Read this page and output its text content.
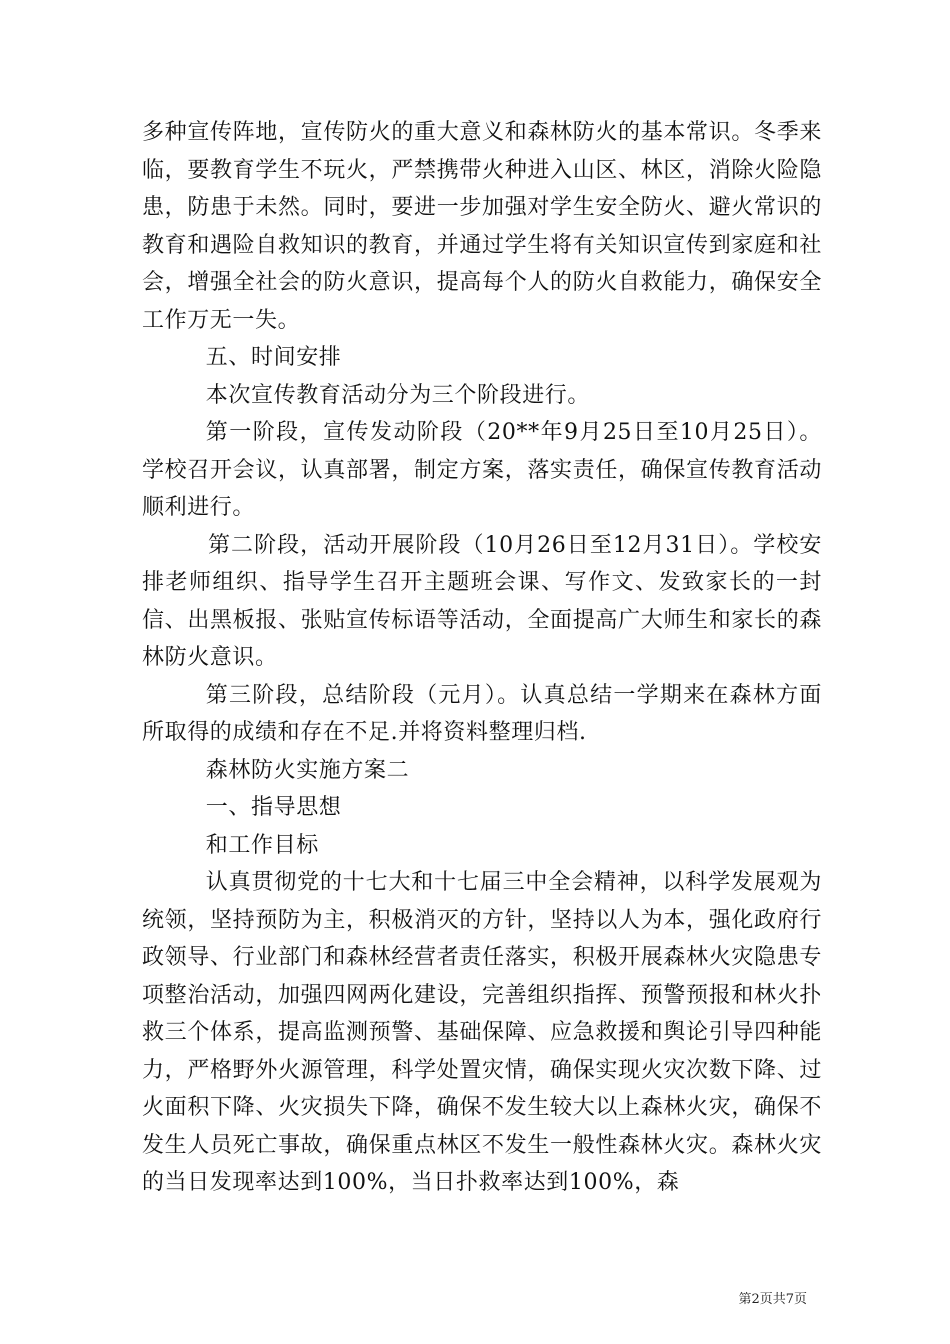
多种宣传阵地，宣传防火的重大意义和森林防火的基本常识。冬季来临，要教育学生不玩火，严禁携带火种进入山区、林区，消除火险隐患，防患于未然。同时，要进一步加强对学生安全防火、避火常识的教育和遇险自救知识的教育，并通过学生将有关知识宣传到家庭和社会，增强全社会的防火意识，提高每个人的防火自救能力，确保安全工作万无一失。

五、时间安排

本次宣传教育活动分为三个阶段进行。

第一阶段，宣传发动阶段（20**年9月25日至10月25日）。学校召开会议，认真部署，制定方案，落实责任，确保宣传教育活动顺利进行。

第二阶段，活动开展阶段（10月26日至12月31日）。学校安排老师组织、指导学生召开主题班会课、写作文、发致家长的一封信、出黑板报、张贴宣传标语等活动，全面提高广大师生和家长的森林防火意识。

第三阶段，总结阶段（元月）。认真总结一学期来在森林方面所取得的成绩和存在不足.并将资料整理归档.

森林防火实施方案二

一、指导思想

和工作目标

认真贯彻党的十七大和十七届三中全会精神，以科学发展观为统领，坚持预防为主，积极消灭的方针，坚持以人为本，强化政府行政领导、行业部门和森林经营者责任落实，积极开展森林火灾隐患专项整治活动，加强四网两化建设，完善组织指挥、预警预报和林火扑救三个体系，提高监测预警、基础保障、应急救援和舆论引导四种能力，严格野外火源管理，科学处置灾情，确保实现火灾次数下降、过火面积下降、火灾损失下降，确保不发生较大以上森林火灾，确保不发生人员死亡事故，确保重点林区不发生一般性森林火灾。森林火灾的当日发现率达到100%，当日扑救率达到100%，森

第2页共7页
